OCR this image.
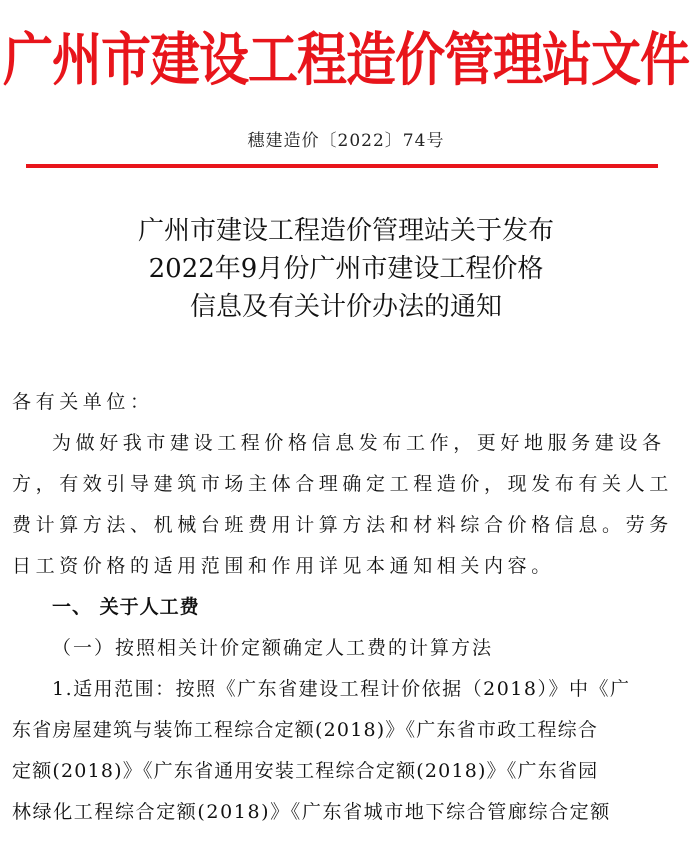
广州市建设工程造价管理站文件
穗建造价〔2022〕74号
广州市建设工程造价管理站关于发布
2022年9月份广州市建设工程价格
信息及有关计价办法的通知

各有关单位：

为做好我市建设工程价格信息发布工作，更好地服务建设各

方，有效引导建筑市场主体合理确定工程造价，现发布有关人工

费计算方法、机械台班费用计算方法和材料综合价格信息。劳务

日工资价格的适用范围和作用详见本通知相关内容。

一、 关于人工费

（一）按照相关计价定额确定人工费的计算方法

1.适用范围：按照《广东省建设工程计价依据（2018）》中《广

东省房屋建筑与装饰工程综合定额(2018)》《广东省市政工程综合

定额(2018)》《广东省通用安装工程综合定额(2018)》《广东省园

林绿化工程综合定额(2018)》《广东省城市地下综合管廊综合定额
